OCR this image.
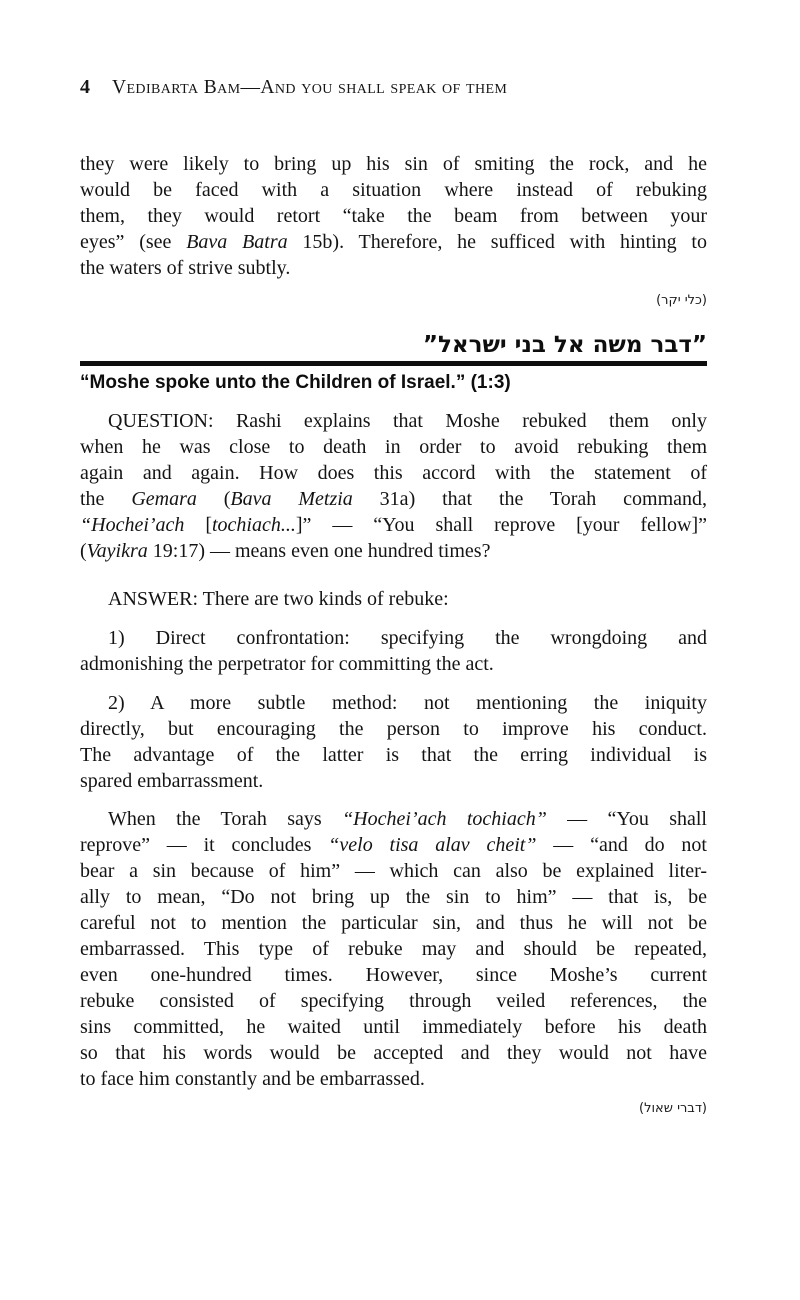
4 Vedibarta Bam—And you shall speak of them
they were likely to bring up his sin of smiting the rock, and he
would be faced with a situation where instead of rebuking
them, they would retort “take the beam from between your
eyes” (see Bava Batra 15b). Therefore, he sufficed with hinting to
the waters of strive subtly.
(כלי יקר)
”דבר משה אל בני ישראל”
“Moshe spoke unto the Children of Israel.” (1:3)
QUESTION: Rashi explains that Moshe rebuked them only
when he was close to death in order to avoid rebuking them
again and again. How does this accord with the statement of
the Gemara (Bava Metzia 31a) that the Torah command,
“Hochei’ach [tochiach...]” — “You shall reprove [your fellow]”
(Vayikra 19:17) — means even one hundred times?
ANSWER: There are two kinds of rebuke:
1) Direct confrontation: specifying the wrongdoing and
admonishing the perpetrator for committing the act.
2) A more subtle method: not mentioning the iniquity
directly, but encouraging the person to improve his conduct.
The advantage of the latter is that the erring individual is
spared embarrassment.
When the Torah says “Hochei’ach tochiach” — “You shall
reprove” — it concludes “velo tisa alav cheit” — “and do not
bear a sin because of him” — which can also be explained liter-
ally to mean, “Do not bring up the sin to him” — that is, be
careful not to mention the particular sin, and thus he will not be
embarrassed. This type of rebuke may and should be repeated,
even one-hundred times. However, since Moshe’s current
rebuke consisted of specifying through veiled references, the
sins committed, he waited until immediately before his death
so that his words would be accepted and they would not have
to face him constantly and be embarrassed.
(דברי שאול)
